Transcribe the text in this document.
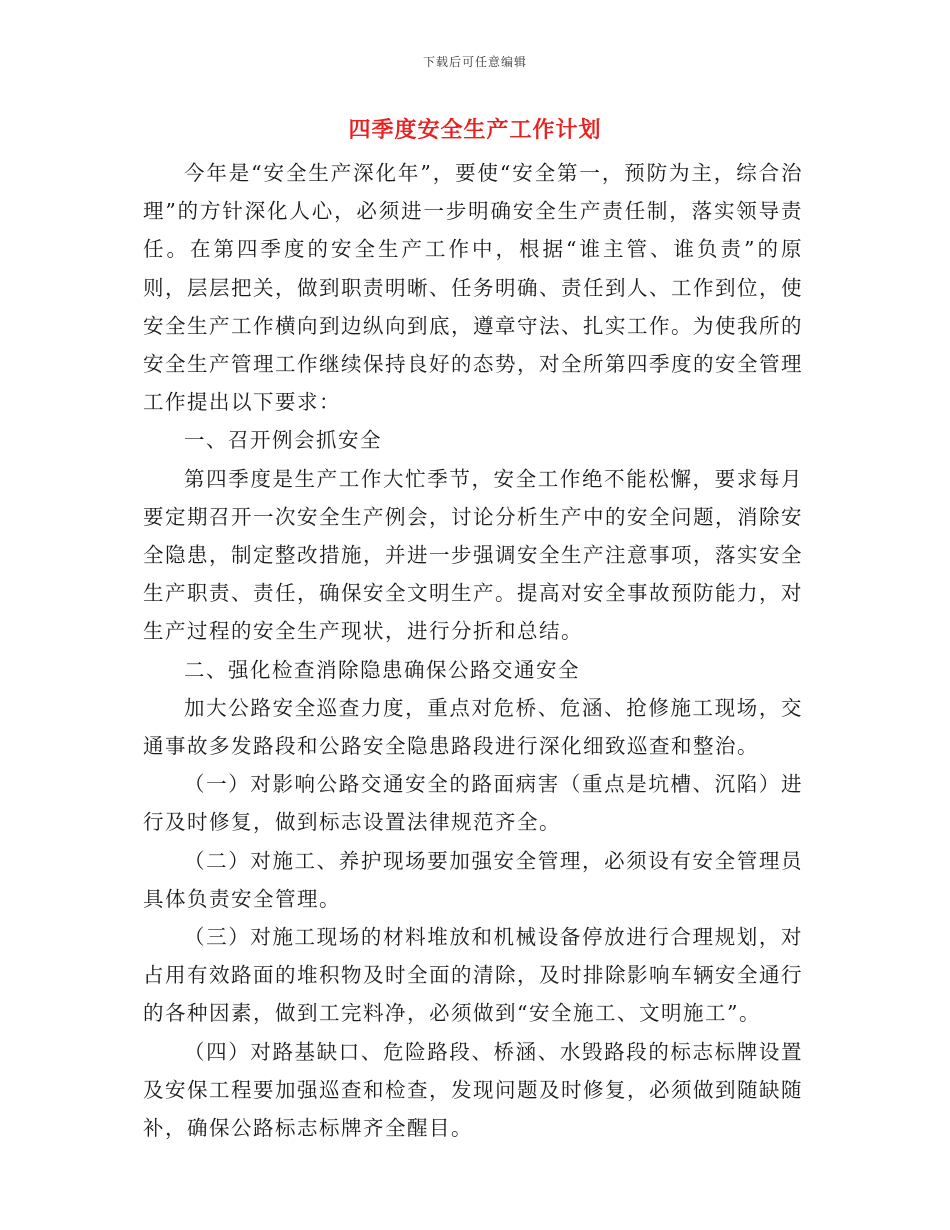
下载后可任意编辑
四季度安全生产工作计划

今年是“安全生产深化年”，要使“安全第一，预防为主，综合治理”的方针深化人心，必须进一步明确安全生产责任制，落实领导责任。在第四季度的安全生产工作中，根据“谁主管、谁负责”的原则，层层把关，做到职责明晰、任务明确、责任到人、工作到位，使安全生产工作横向到边纵向到底，遵章守法、扎实工作。为使我所的安全生产管理工作继续保持良好的态势，对全所第四季度的安全管理工作提出以下要求：

一、召开例会抓安全

第四季度是生产工作大忙季节，安全工作绝不能松懈，要求每月要定期召开一次安全生产例会，讨论分析生产中的安全问题，消除安全隐患，制定整改措施，并进一步强调安全生产注意事项，落实安全生产职责、责任，确保安全文明生产。提高对安全事故预防能力，对生产过程的安全生产现状，进行分折和总结。

二、强化检查消除隐患确保公路交通安全

加大公路安全巡查力度，重点对危桥、危涵、抢修施工现场，交通事故多发路段和公路安全隐患路段进行深化细致巡查和整治。

（一）对影响公路交通安全的路面病害（重点是坑槽、沉陷）进行及时修复，做到标志设置法律规范齐全。

（二）对施工、养护现场要加强安全管理，必须设有安全管理员具体负责安全管理。

（三）对施工现场的材料堆放和机械设备停放进行合理规划，对占用有效路面的堆积物及时全面的清除，及时排除影响车辆安全通行的各种因素，做到工完料净，必须做到“安全施工、文明施工”。

（四）对路基缺口、危险路段、桥涵、水毁路段的标志标牌设置及安保工程要加强巡查和检查，发现问题及时修复，必须做到随缺随补，确保公路标志标牌齐全醒目。
